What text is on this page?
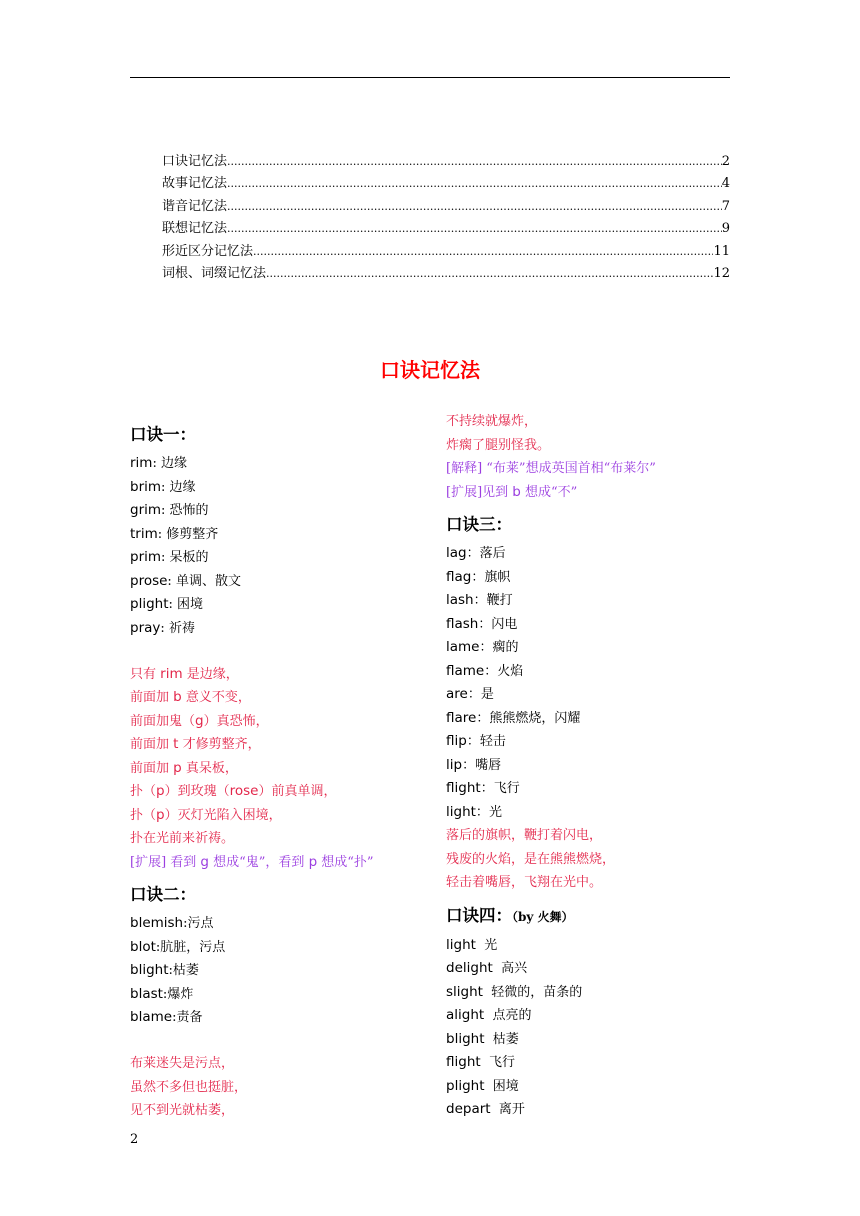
口诀记忆法 .....	2
故事记忆法 .....	4
谐音记忆法 .....	7
联想记忆法 .....	9
形近区分记忆法 .....	11
词根、词缀记忆法 .....	12
口诀记忆法
口诀一：
rim: 边缘
brim: 边缘
grim: 恐怖的
trim: 修剪整齐
prim: 呆板的
prose: 单调、散文
plight: 困境
pray: 祈祷
只有 rim 是边缘，
前面加 b 意义不变，
前面加鬼（g）真恐怖，
前面加 t 才修剪整齐，
前面加 p 真呆板，
扑（p）到玫瑰（rose）前真单调，
扑（p）灭灯光陷入困境，
扑在光前来祈祷。
[扩展] 看到 g 想成“鬼”，看到 p 想成“扑”
口诀二：
blemish:污点
blot:肮脏，污点
blight:枯萎
blast:爆炸
blame:责备
布莱迷失是污点，
虽然不多但也挺脏，
见不到光就枯萎，
不持续就爆炸，
炸瘸了腿别怪我。
[解释] “布莱”想成英国首相“布莱尔”
[扩展]见到 b 想成“不”
口诀三：
lag：落后
flag：旗帜
lash：鞭打
flash：闪电
lame：瘸的
flame：火焰
are：是
flare：熊熊燃烧，闪耀
flip：轻击
lip：嘴唇
flight：飞行
light：光
落后的旗帜，鞭打着闪电，
残废的火焰，是在熊熊燃烧，
轻击着嘴唇，飞翔在光中。
口诀四：（by 火舞）
light 光
delight 高兴
slight 轻微的，苗条的
alight 点亮的
blight 枯萎
flight 飞行
plight 困境
depart 离开
2
